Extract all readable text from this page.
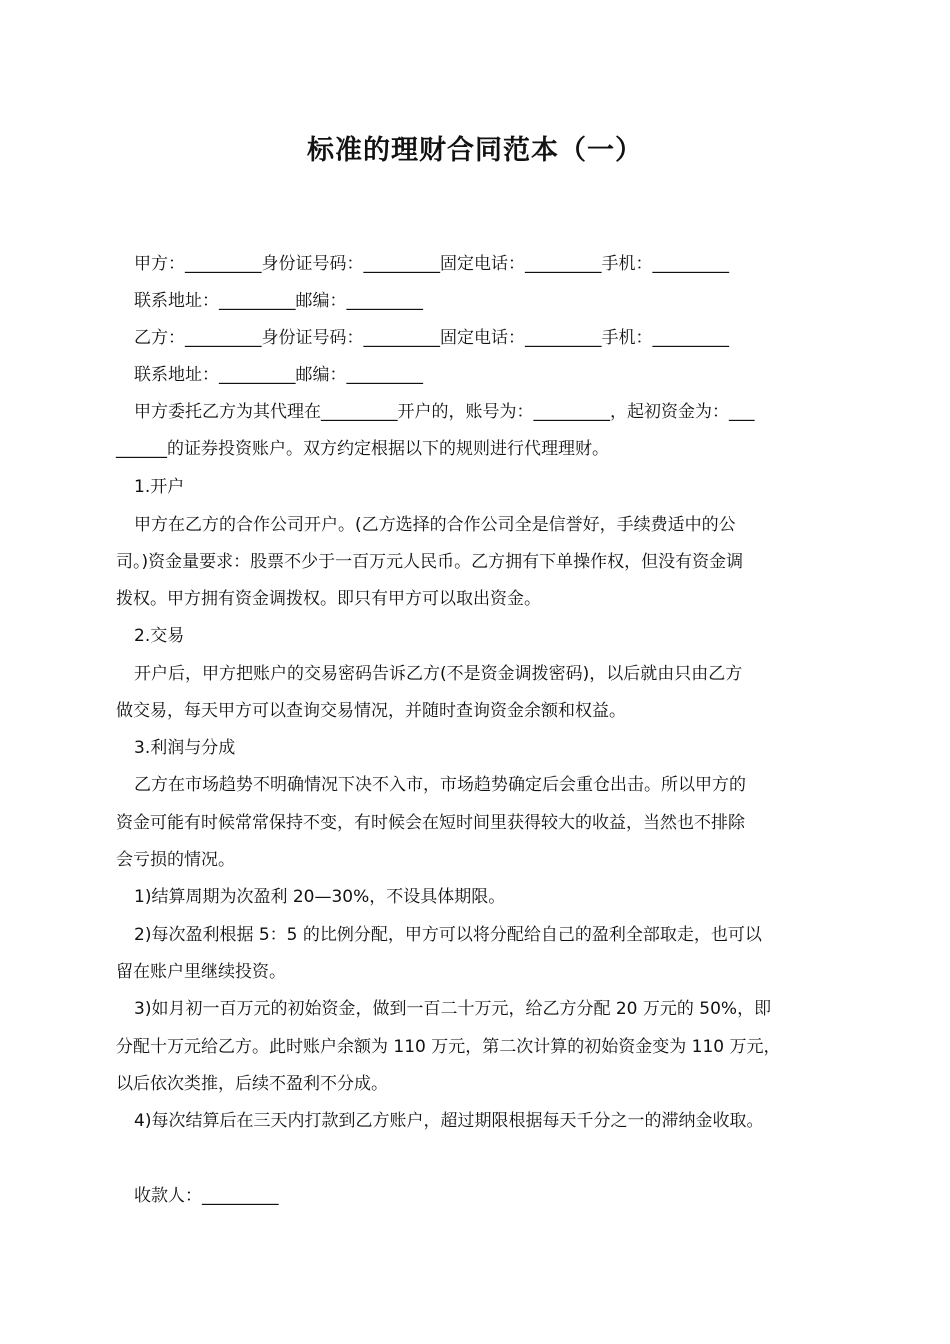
标准的理财合同范本（一）
甲方：_________身份证号码：_________固定电话：_________手机：_________
联系地址：_________邮编：_________
乙方：_________身份证号码：_________固定电话：_________手机：_________
联系地址：_________邮编：_________
甲方委托乙方为其代理在_________开户的，账号为：_________，起初资金为：___
______的证券投资账户。双方约定根据以下的规则进行代理理财。
1.开户
甲方在乙方的合作公司开户。(乙方选择的合作公司全是信誉好，手续费适中的公
司。)资金量要求：股票不少于一百万元人民币。乙方拥有下单操作权，但没有资金调
拨权。甲方拥有资金调拨权。即只有甲方可以取出资金。
2.交易
开户后，甲方把账户的交易密码告诉乙方(不是资金调拨密码)，以后就由只由乙方
做交易，每天甲方可以查询交易情况，并随时查询资金余额和权益。
3.利润与分成
乙方在市场趋势不明确情况下决不入市，市场趋势确定后会重仓出击。所以甲方的
资金可能有时候常常保持不变，有时候会在短时间里获得较大的收益，当然也不排除
会亏损的情况。
1)结算周期为次盈利 20—30%，不设具体期限。
2)每次盈利根据 5：5 的比例分配，甲方可以将分配给自己的盈利全部取走，也可以
留在账户里继续投资。
3)如月初一百万元的初始资金，做到一百二十万元，给乙方分配 20 万元的 50%，即
分配十万元给乙方。此时账户余额为 110 万元，第二次计算的初始资金变为 110 万元，
以后依次类推，后续不盈利不分成。
4)每次结算后在三天内打款到乙方账户，超过期限根据每天千分之一的滞纳金收取。
收款人：_________
